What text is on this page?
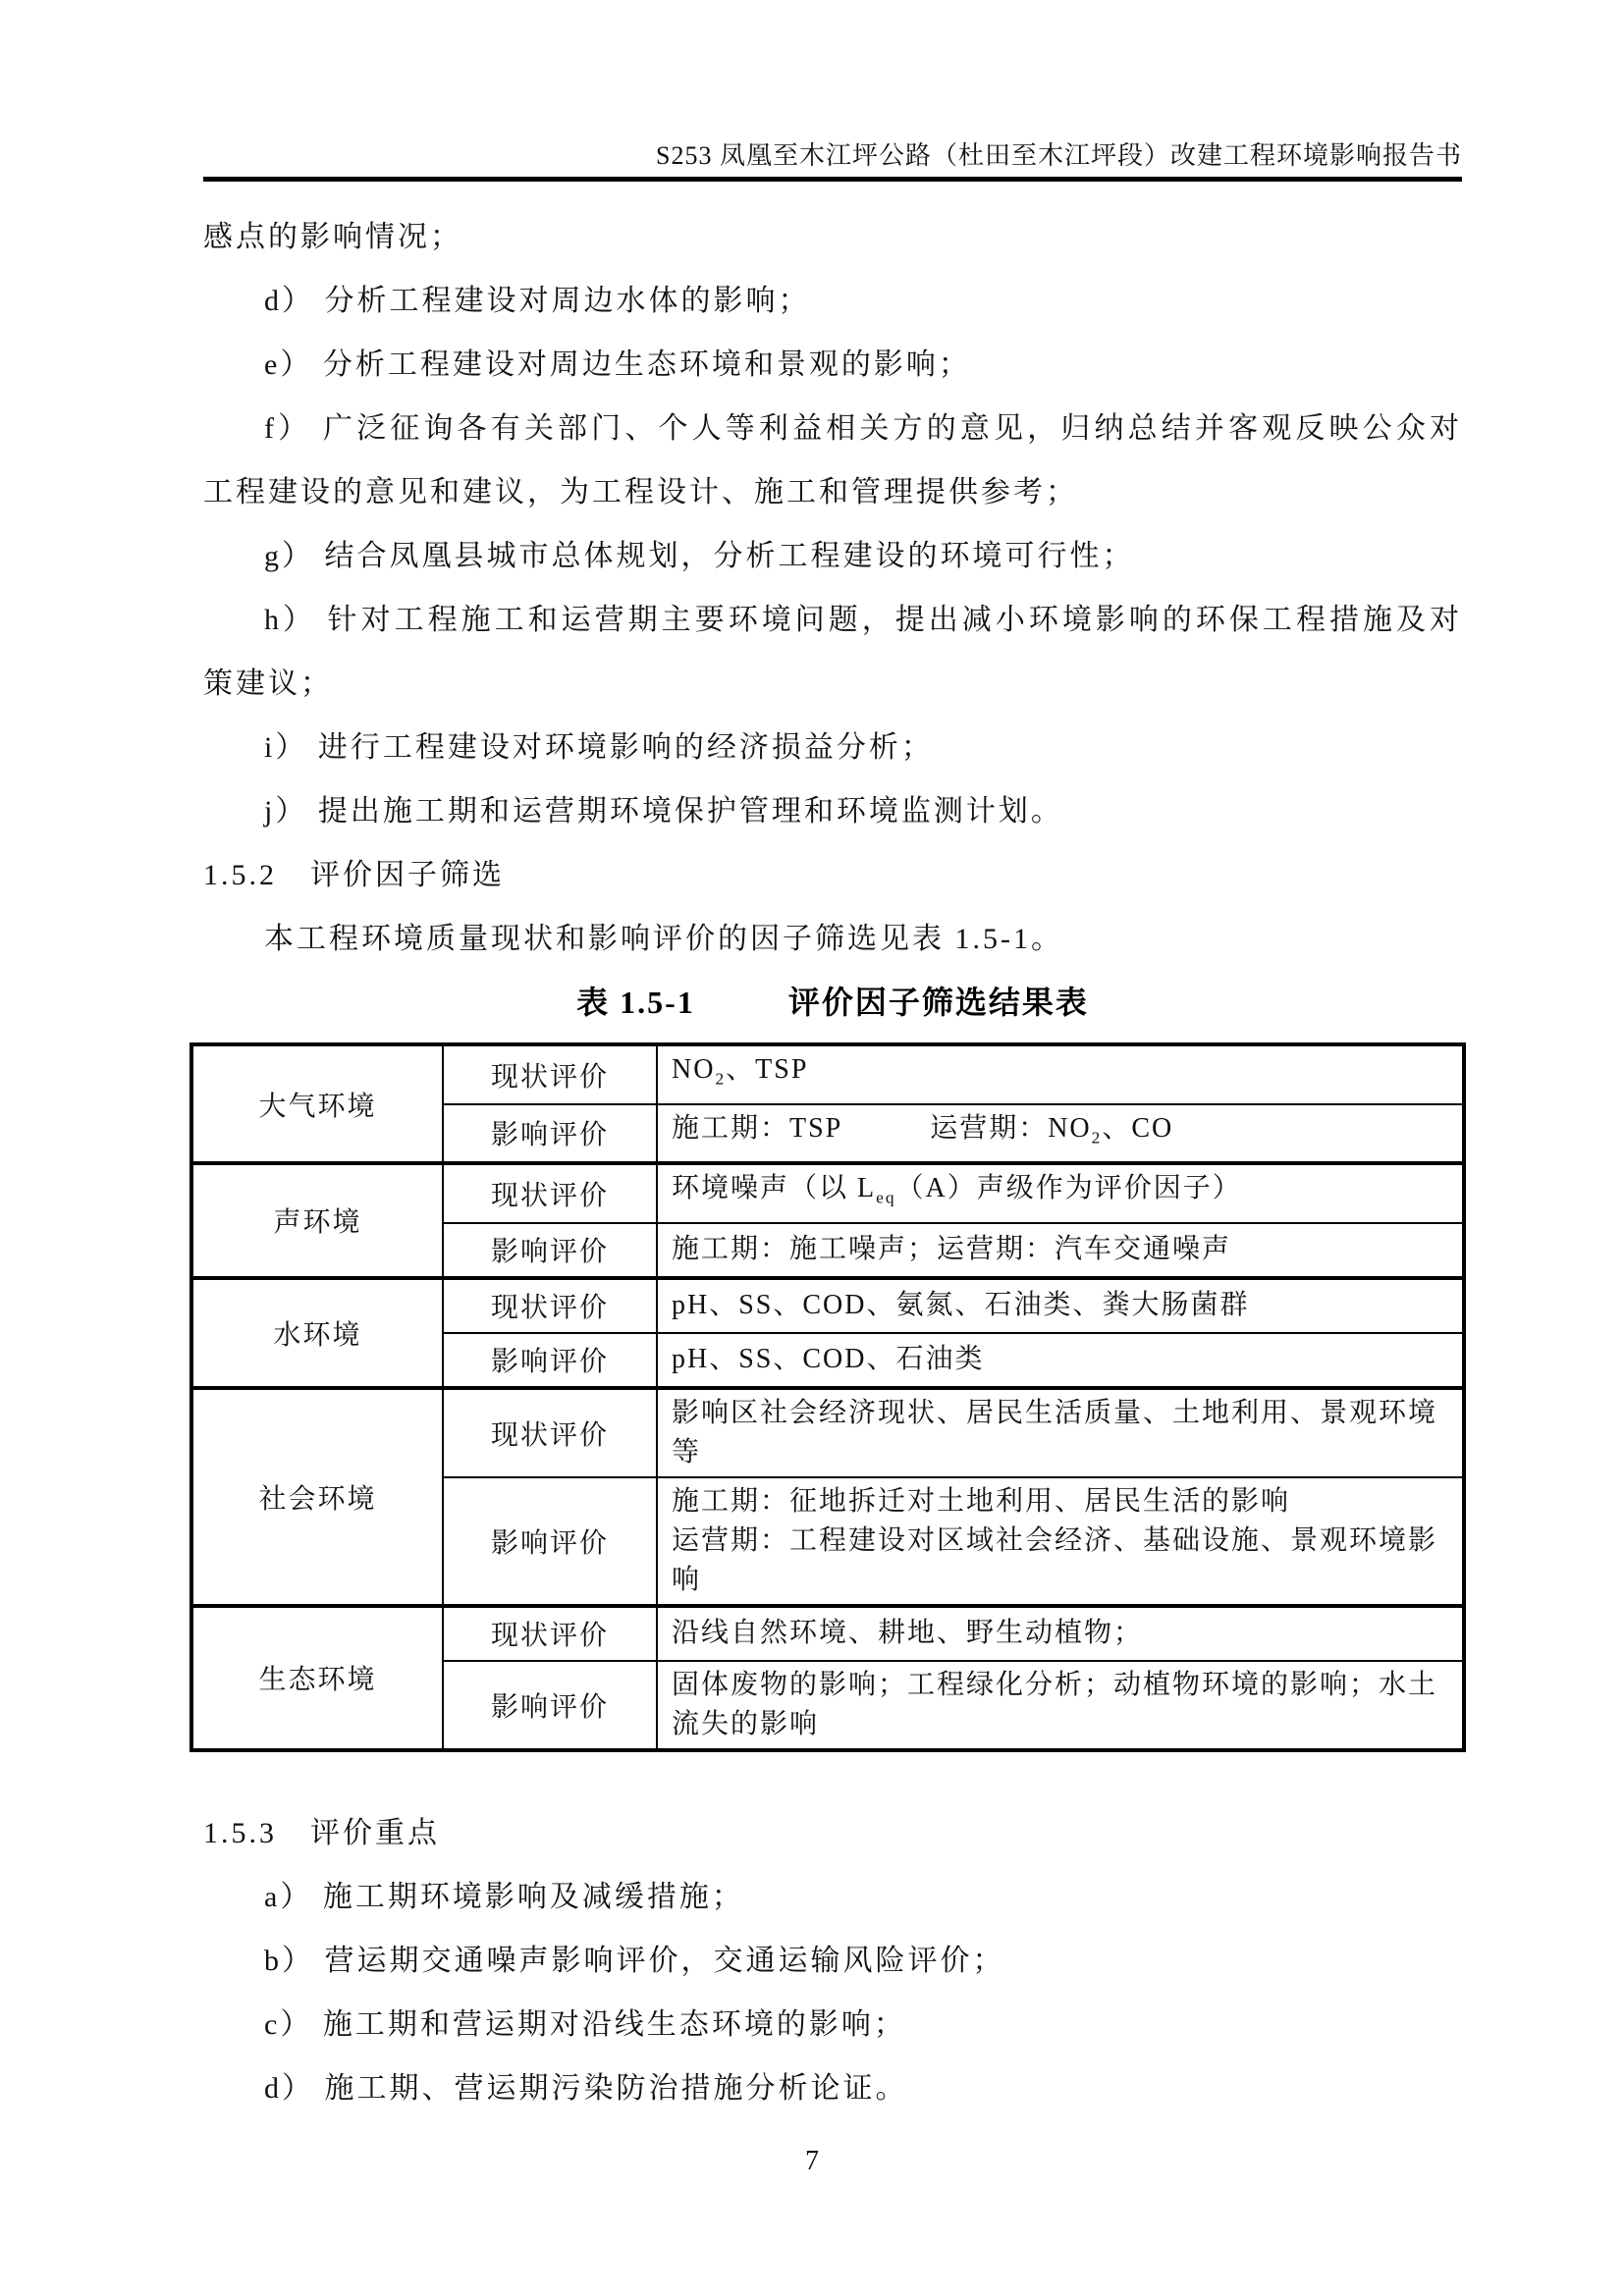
S253 凤凰至木江坪公路（杜田至木江坪段）改建工程环境影响报告书
感点的影响情况；
d） 分析工程建设对周边水体的影响；
e） 分析工程建设对周边生态环境和景观的影响；
f） 广泛征询各有关部门、个人等利益相关方的意见，归纳总结并客观反映公众对
工程建设的意见和建议，为工程设计、施工和管理提供参考；
g） 结合凤凰县城市总体规划，分析工程建设的环境可行性；
h） 针对工程施工和运营期主要环境问题，提出减小环境影响的环保工程措施及对
策建议；
i） 进行工程建设对环境影响的经济损益分析；
j） 提出施工期和运营期环境保护管理和环境监测计划。
1.5.2 评价因子筛选
本工程环境质量现状和影响评价的因子筛选见表 1.5-1。
表 1.5-1	评价因子筛选结果表
大气环境	现状评价	$NO_2$、TSP
	影响评价	施工期：TSP　　　运营期：$NO_2$、CO
声环境	现状评价	环境噪声（以 $L_{eq}(A)$声级作为评价因子）
	影响评价	施工期：施工噪声；运营期：汽车交通噪声
水环境	现状评价	pH、SS、COD、氨氮、石油类、粪大肠菌群
	影响评价	pH、SS、COD、石油类
社会环境	现状评价	影响区社会经济现状、居民生活质量、土地利用、景观环境等
	影响评价	施工期：征地拆迁对土地利用、居民生活的影响
运营期：工程建设对区域社会经济、基础设施、景观环境影响
生态环境	现状评价	沿线自然环境、耕地、野生动植物；
	影响评价	固体废物的影响；工程绿化分析；动植物环境的影响；水土流失的影响
1.5.3 评价重点
a） 施工期环境影响及减缓措施；
b） 营运期交通噪声影响评价，交通运输风险评价；
c） 施工期和营运期对沿线生态环境的影响；
d） 施工期、营运期污染防治措施分析论证。
7
